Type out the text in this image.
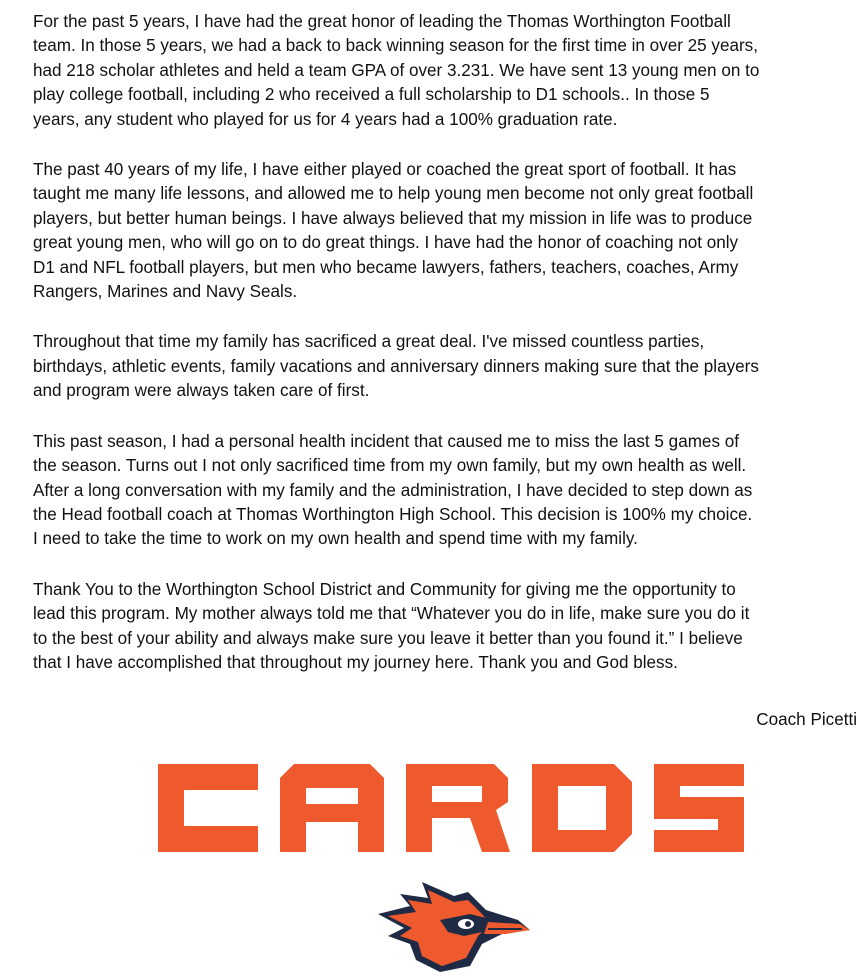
For the past 5 years, I have had the great honor of leading the Thomas Worthington Football
team. In those 5 years, we had a back to back winning season for the first time in over 25 years,
had 218 scholar athletes and held a team GPA of over 3.231. We have sent 13 young men on to
play college football, including 2 who received a full scholarship to D1 schools.. In those 5
years, any student who played for us for 4 years had a 100% graduation rate.
The past 40 years of my life, I have either played or coached the great sport of football. It has
taught me many life lessons, and allowed me to help young men become not only great football
players, but better human beings. I have always believed that my mission in life was to produce
great young men, who will go on to do great things. I have had the honor of coaching not only
D1 and NFL football players, but men who became lawyers, fathers, teachers, coaches, Army
Rangers, Marines and Navy Seals.
Throughout that time my family has sacrificed a great deal. I've missed countless parties,
birthdays, athletic events, family vacations and anniversary dinners making sure that the players
and program were always taken care of first.
This past season, I had a personal health incident that caused me to miss the last 5 games of
the season. Turns out I not only sacrificed time from my own family, but my own health as well.
After a long conversation with my family and the administration, I have decided to step down as
the Head football coach at Thomas Worthington High School. This decision is 100% my choice.
I need to take the time to work on my own health and spend time with my family.
Thank You to the Worthington School District and Community for giving me the opportunity to
lead this program. My mother always told me that “Whatever you do in life, make sure you do it
to the best of your ability and always make sure you leave it better than you found it.” I believe
that I have accomplished that throughout my journey here. Thank you and God bless.
Coach Picetti
